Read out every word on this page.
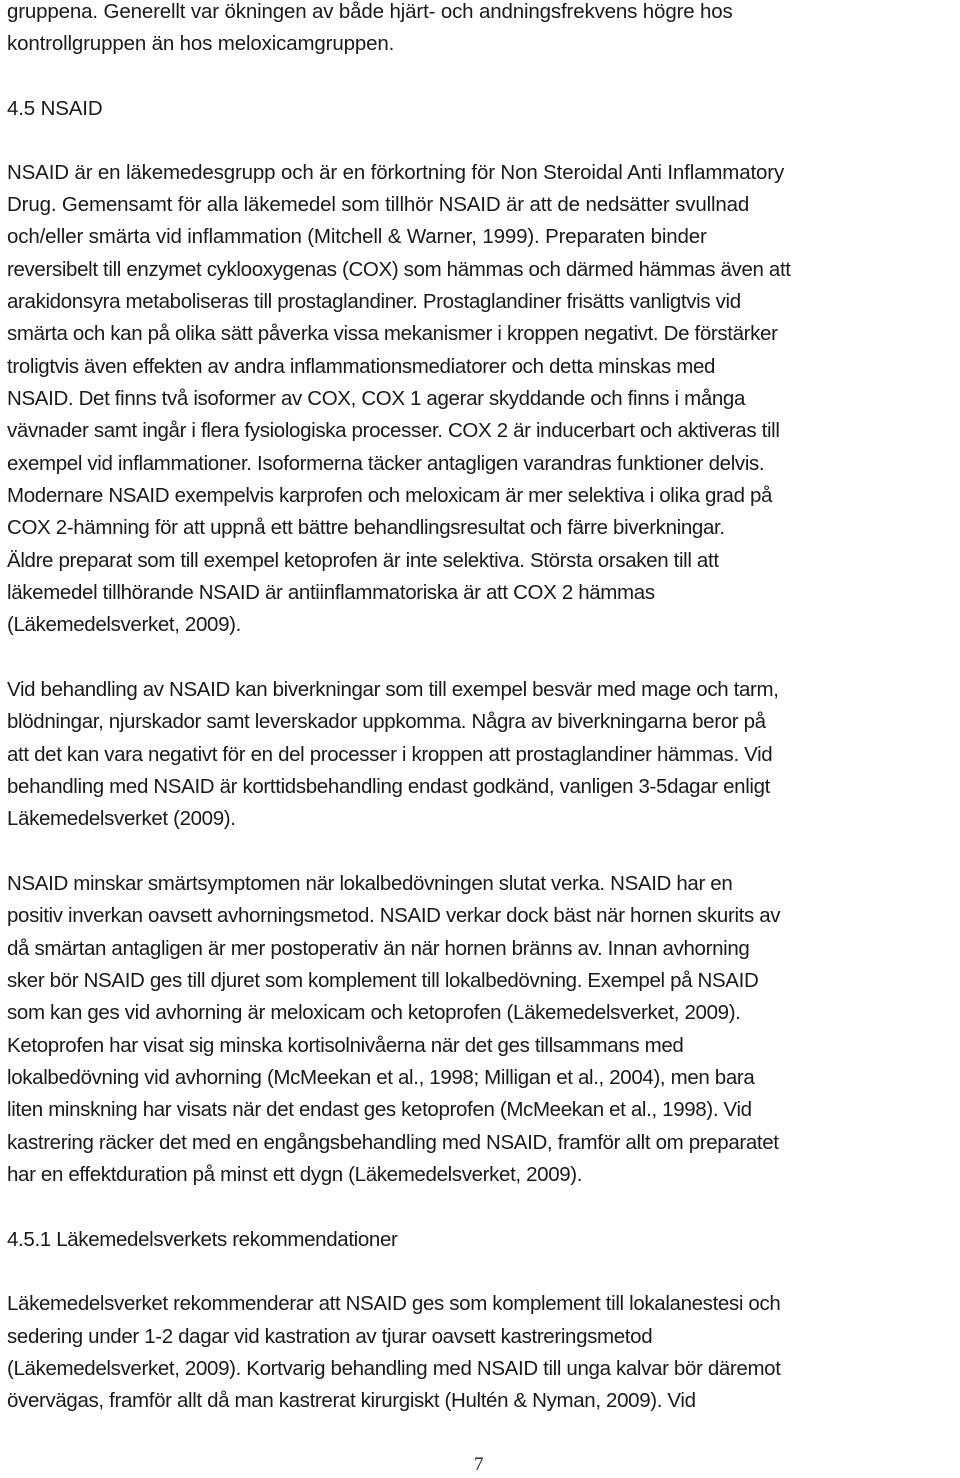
gruppena. Generellt var ökningen av både hjärt- och andningsfrekvens högre hos
kontrollgruppen än hos meloxicamgruppen.
4.5 NSAID
NSAID är en läkemedesgrupp och är en förkortning för Non Steroidal Anti Inflammatory
Drug. Gemensamt för alla läkemedel som tillhör NSAID är att de nedsätter svullnad
och/eller smärta vid inflammation (Mitchell & Warner, 1999). Preparaten binder
reversibelt till enzymet cyklooxygenas (COX) som hämmas och därmed hämmas även att
arakidonsyra metaboliseras till prostaglandiner. Prostaglandiner frisätts vanligtvis vid
smärta och kan på olika sätt påverka vissa mekanismer i kroppen negativt. De förstärker
troligtvis även effekten av andra inflammationsmediatorer och detta minskas med
NSAID. Det finns två isoformer av COX, COX 1 agerar skyddande och finns i många
vävnader samt ingår i flera fysiologiska processer. COX 2 är inducerbart och aktiveras till
exempel vid inflammationer. Isoformerna täcker antagligen varandras funktioner delvis.
Modernare NSAID exempelvis karprofen och meloxicam är mer selektiva i olika grad på
COX 2-hämning för att uppnå ett bättre behandlingsresultat och färre biverkningar.
Äldre preparat som till exempel ketoprofen är inte selektiva. Största orsaken till att
läkemedel tillhörande NSAID är antiinflammatoriska är att COX 2 hämmas
(Läkemedelsverket, 2009).
Vid behandling av NSAID kan biverkningar som till exempel besvär med mage och tarm,
blödningar, njurskador samt leverskador uppkomma. Några av biverkningarna beror på
att det kan vara negativt för en del processer i kroppen att prostaglandiner hämmas. Vid
behandling med NSAID är korttidsbehandling endast godkänd, vanligen 3-5dagar enligt
Läkemedelsverket (2009).
NSAID minskar smärtsymptomen när lokalbedövningen slutat verka. NSAID har en
positiv inverkan oavsett avhorningsmetod. NSAID verkar dock bäst när hornen skurits av
då smärtan antagligen är mer postoperativ än när hornen bränns av. Innan avhorning
sker bör NSAID ges till djuret som komplement till lokalbedövning. Exempel på NSAID
som kan ges vid avhorning är meloxicam och ketoprofen (Läkemedelsverket, 2009).
Ketoprofen har visat sig minska kortisolnivåerna när det ges tillsammans med
lokalbedövning vid avhorning (McMeekan et al., 1998; Milligan et al., 2004), men bara
liten minskning har visats när det endast ges ketoprofen (McMeekan et al., 1998). Vid
kastrering räcker det med en engångsbehandling med NSAID, framför allt om preparatet
har en effektduration på minst ett dygn (Läkemedelsverket, 2009).
4.5.1 Läkemedelsverkets rekommendationer
Läkemedelsverket rekommenderar att NSAID ges som komplement till lokalanestesi och
sedering under 1-2 dagar vid kastration av tjurar oavsett kastreringsmetod
(Läkemedelsverket, 2009). Kortvarig behandling med NSAID till unga kalvar bör däremot
övervägas, framför allt då man kastrerat kirurgiskt (Hultén & Nyman, 2009). Vid
7
